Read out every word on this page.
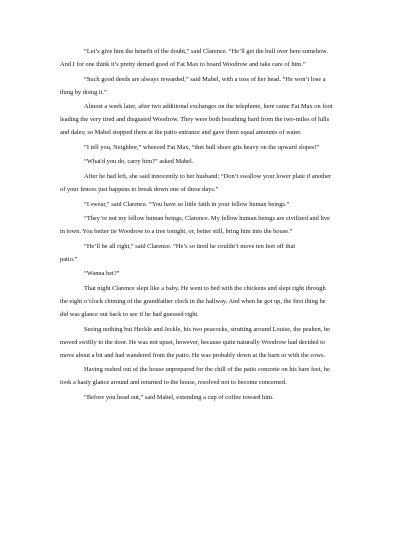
“Let’s give him the benefit of the doubt,” said Clarence. “He’ll get the bull over here somehow.
And I for one think it’s pretty demed good of Fat Max to board Woodrow and take care of him.”

“Such good deeds are always rewarded,” said Mabel, with a toss of her head. “He won’t lose a
thing by doing it.”

Almost a week later, after two additional exchanges on the telephone, here came Fat Max on foot
leading the very tired and disgusted Woodrow. They were both breathing hard from the two-miles of hills
and dales; so Mabel stopped them at the patio entrance and gave them equal amounts of water.

“I tell you, Neighbor,” wheezed Fat Max, “thet bull shore gits heavy on the upward slopes!”

“What'd you do, carry him?” asked Mabel.

After he had left, she said innocently to her husband: “Don’t swallow your lower plate if another
of your fences just happens to break down one of these days.”

“I swear,” said Clarence. “You have so little faith in your fellow human beings.”

“They’re not my fellow human beings, Clarence. My fellow human beings are civilized and live
in town. You better tie Woodrow to a tree tonight, or, better still, bring him into the house.”

“He’ll be all right,” said Clarence. “He’s so tired he couldn’t move ten feet off that
patio.”

“Wanna bet?”

That night Clarence slept like a baby. He went to bed with the chickens and slept right through
the eight o’clock chiming of the grandfather clock in the hallway. And when he got up, the first thing he
did was glance out back to see if he had guessed right.

Seeing nothing but Heckle and Jeckle, his two peacocks, strutting around Louise, the peahen, he
moved swiftly to the door. He was not upset, however, because quite naturally Woodrow had decided to
move about a bit and had wandered from the patio. He was probably down at the barn or with the cows.

Having rushed out of the house unprepared for the chill of the patio concrete on his bare feet, he
took a hasty glance around and returned to the house, resolved not to become concerned.

“Before you head out,” said Mabel, extending a cup of coffee toward him.
